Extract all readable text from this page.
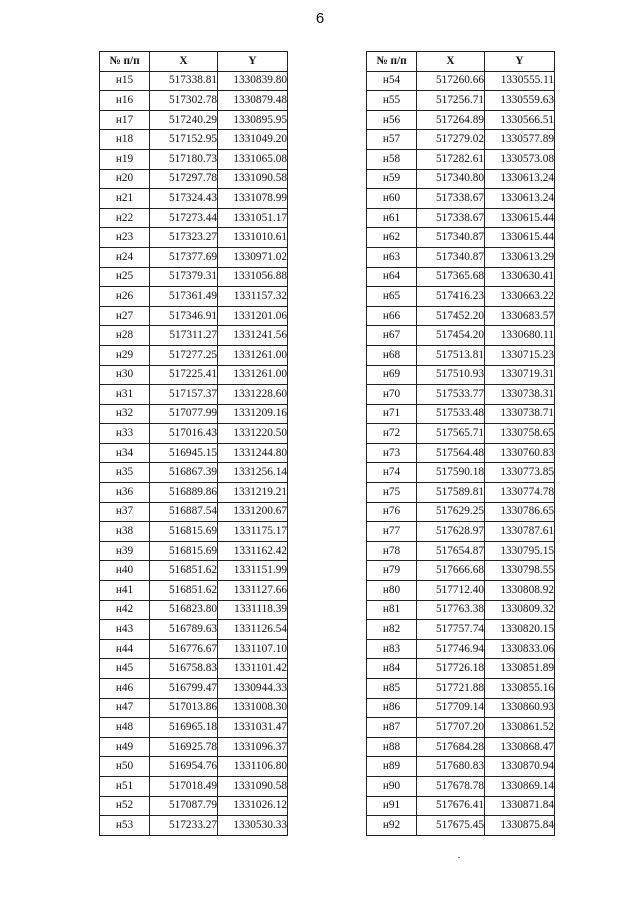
6
№ п/п	X	Y
н15	517338.81	1330839.80
н16	517302.78	1330879.48
н17	517240.29	1330895.95
н18	517152.95	1331049.20
н19	517180.73	1331065.08
н20	517297.78	1331090.58
н21	517324.43	1331078.99
н22	517273.44	1331051.17
н23	517323.27	1331010.61
н24	517377.69	1330971.02
н25	517379.31	1331056.88
н26	517361.49	1331157.32
н27	517346.91	1331201.06
н28	517311.27	1331241.56
н29	517277.25	1331261.00
н30	517225.41	1331261.00
н31	517157.37	1331228.60
н32	517077.99	1331209.16
н33	517016.43	1331220.50
н34	516945.15	1331244.80
н35	516867.39	1331256.14
н36	516889.86	1331219.21
н37	516887.54	1331200.67
н38	516815.69	1331175.17
н39	516815.69	1331162.42
н40	516851.62	1331151.99
н41	516851.62	1331127.66
н42	516823.80	1331118.39
н43	516789.63	1331126.54
н44	516776.67	1331107.10
н45	516758.83	1331101.42
н46	516799.47	1330944.33
н47	517013.86	1331008.30
н48	516965.18	1331031.47
н49	516925.78	1331096.37
н50	516954.76	1331106.80
н51	517018.49	1331090.58
н52	517087.79	1331026.12
н53	517233.27	1330530.33
№ п/п	X	Y
н54	517260.66	1330555.11
н55	517256.71	1330559.63
н56	517264.89	1330566.51
н57	517279.02	1330577.89
н58	517282.61	1330573.08
н59	517340.80	1330613.24
н60	517338.67	1330613.24
н61	517338.67	1330615.44
н62	517340.87	1330615.44
н63	517340.87	1330613.29
н64	517365.68	1330630.41
н65	517416.23	1330663.22
н66	517452.20	1330683.57
н67	517454.20	1330680.11
н68	517513.81	1330715.23
н69	517510.93	1330719.31
н70	517533.77	1330738.31
н71	517533.48	1330738.71
н72	517565.71	1330758.65
н73	517564.48	1330760.83
н74	517590.18	1330773.85
н75	517589.81	1330774.78
н76	517629.25	1330786.65
н77	517628.97	1330787.61
н78	517654.87	1330795.15
н79	517666.68	1330798.55
н80	517712.40	1330808.92
н81	517763.38	1330809.32
н82	517757.74	1330820.15
н83	517746.94	1330833.06
н84	517726.18	1330851.89
н85	517721.88	1330855.16
н86	517709.14	1330860.93
н87	517707.20	1330861.52
н88	517684.28	1330868.47
н89	517680.83	1330870.94
н90	517678.78	1330869.14
н91	517676.41	1330871.84
н92	517675.45	1330875.84
